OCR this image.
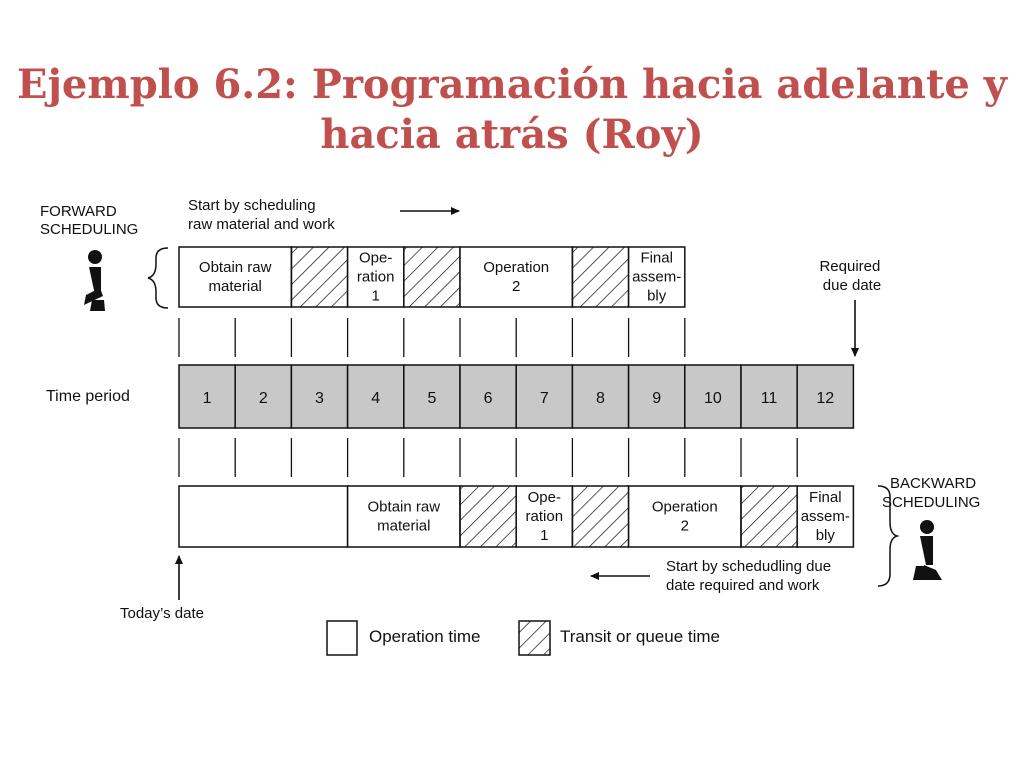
Ejemplo 6.2: Programación hacia adelante y
hacia atrás (Roy)
FORWARD SCHEDULING
Start by scheduling raw material and work
Obtain raw material
Ope-ration 1
Operation 2
Final assem-bly
Required due date
Time period	1	2	3	4	5	6	7	8	9	10 11 12
Obtain raw material
Ope-ration 1
Operation 2
Final assem-bly
BACKWARD SCHEDULING
Start by schedudling due date required and work
Today’s date
Operation time	Transit or queue time
